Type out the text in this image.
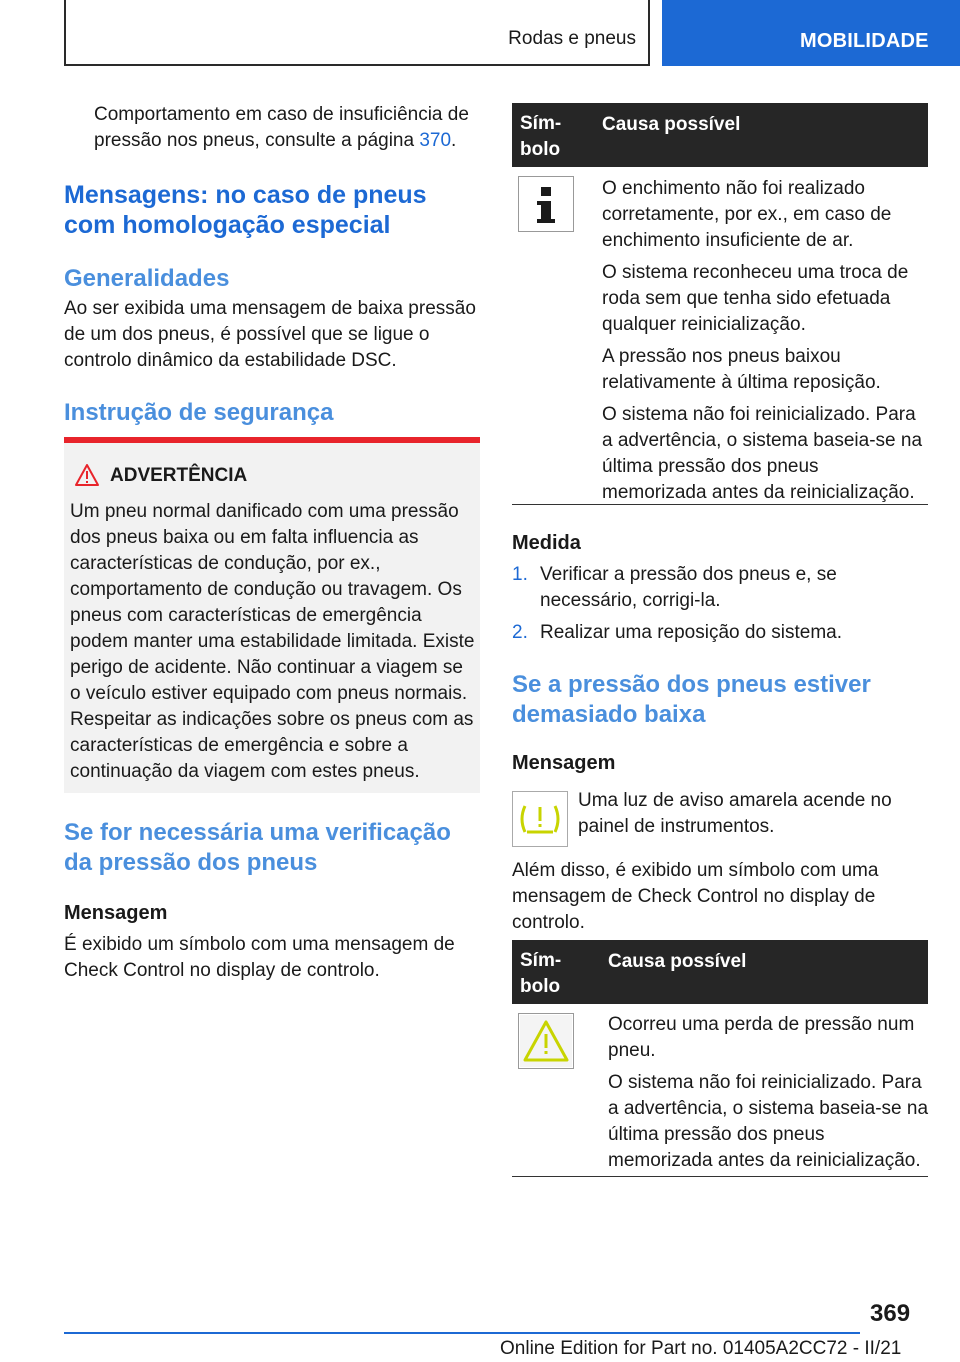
Rodas e pneus	MOBILIDADE
Comportamento em caso de insuficiência de pressão nos pneus, consulte a página 370.
Mensagens: no caso de pneus com homologação especial
Generalidades
Ao ser exibida uma mensagem de baixa pressão de um dos pneus, é possível que se ligue o controlo dinâmico da estabilidade DSC.
Instrução de segurança
ADVERTÊNCIA
Um pneu normal danificado com uma pressão dos pneus baixa ou em falta influencia as características de condução, por ex., comportamento de condução ou travagem. Os pneus com características de emergência podem manter uma estabilidade limitada. Existe perigo de acidente. Não continuar a viagem se o veículo estiver equipado com pneus normais. Respeitar as indicações sobre os pneus com as características de emergência e sobre a continuação da viagem com estes pneus.
Se for necessária uma verificação da pressão dos pneus
Mensagem
É exibido um símbolo com uma mensagem de Check Control no display de controlo.
Sím-
bolo
Causa possível

O enchimento não foi realizado corretamente, por ex., em caso de enchimento insuficiente de ar.

O sistema reconheceu uma troca de roda sem que tenha sido efetuada qualquer reinicialização.

A pressão nos pneus baixou relativamente à última reposição.

O sistema não foi reinicializado. Para a advertência, o sistema baseia-se na última pressão dos pneus memorizada antes da reinicialização.

Medida
1. Verificar a pressão dos pneus e, se necessário, corrigi-la.
2. Realizar uma reposição do sistema.
Se a pressão dos pneus estiver demasiado baixa
Mensagem
Uma luz de aviso amarela acende no painel de instrumentos.
Além disso, é exibido um símbolo com uma mensagem de Check Control no display de controlo.
Sím-
bolo
Causa possível

Ocorreu uma perda de pressão num pneu.

O sistema não foi reinicializado. Para a advertência, o sistema baseia-se na última pressão dos pneus memorizada antes da reinicialização.

369
Online Edition for Part no. 01405A2CC72 - II/21
